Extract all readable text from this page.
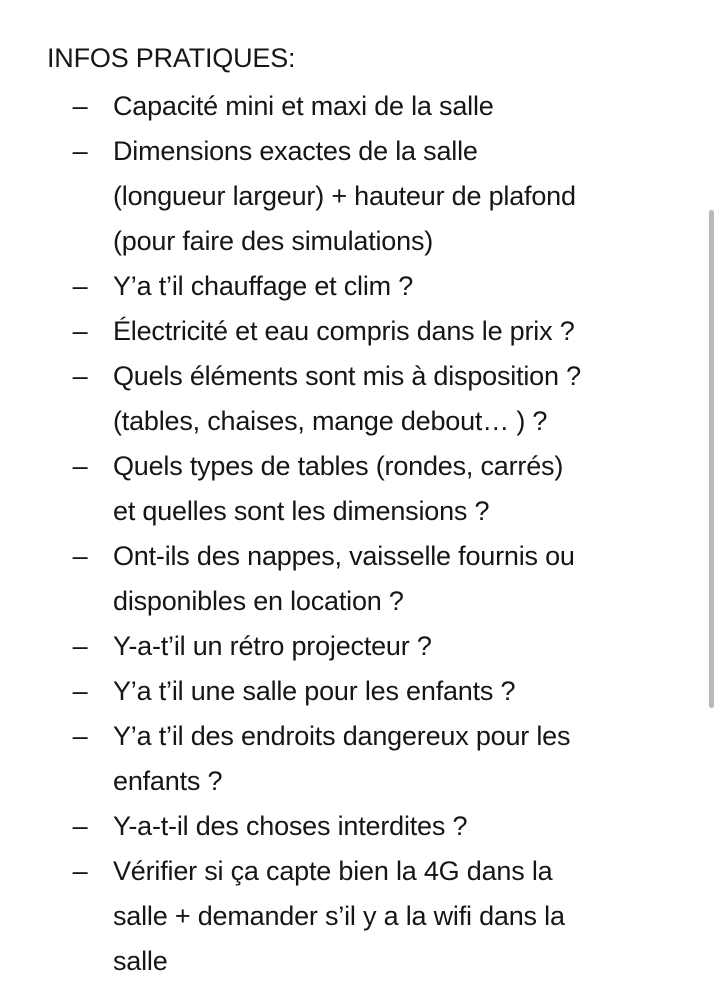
INFOS PRATIQUES:
– Capacité mini et maxi de la salle
– Dimensions exactes de la salle
(longueur largeur) + hauteur de plafond
(pour faire des simulations)
– Y’a t’il chauffage et clim ?
– Électricité et eau compris dans le prix ?
– Quels éléments sont mis à disposition ?
(tables, chaises, mange debout… ) ?
– Quels types de tables (rondes, carrés)
et quelles sont les dimensions ?
– Ont-ils des nappes, vaisselle fournis ou
disponibles en location ?
– Y-a-t’il un rétro projecteur ?
– Y’a t’il une salle pour les enfants ?
– Y’a t’il des endroits dangereux pour les
enfants ?
– Y-a-t-il des choses interdites ?
– Vérifier si ça capte bien la 4G dans la
salle + demander s’il y a la wifi dans la
salle
